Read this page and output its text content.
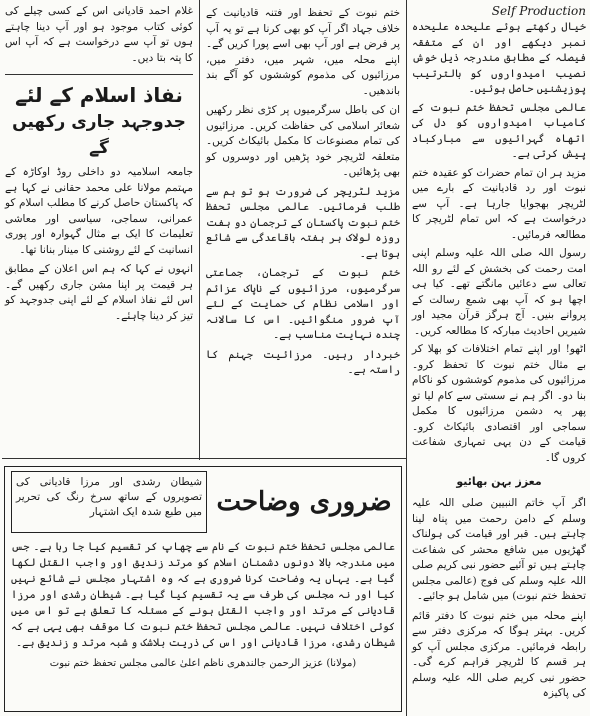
Self Production

خیال رکھتے ہوئے علیحدہ علیحدہ نمبر دیکھے اور ان کے متفقہ فیصلہ کے مطابق مندرجہ ذیل خوش نصیب امیدواروں کو بالترتیب پوزیشنیں حاصل ہوئیں۔

عالمی مجلس تحفظ ختم نبوت کے کامیاب امیدواروں کو دل کی اتھاہ گہرائیوں سے مبارکباد پیش کرتی ہے۔

مزید ہر ان تمام حضرات کو عقیدہ ختم نبوت اور رد قادیانیت کے بارے میں لٹریچر بھجوایا جارہا ہے۔ آپ سے درخواست ہے کہ اس تمام لٹریچر کا مطالعہ فرمائیں۔

رسول اللہ صلی اللہ علیہ وسلم اپنی امت رحمت کی بخشش کے لئے رو اللہ تعالی سے دعائیں مانگتے تھے۔ کیا ہی اچھا ہو کہ آپ بھی شمع رسالت کے پروانے بنیں۔ آج ہرگز قرآن مجید اور شیریں احادیث مبارکہ کا مطالعہ کریں۔

اٹھو! اور اپنے تمام اختلافات کو بھلا کر بے مثال ختم نبوت کا تحفظ کرو۔ مرزائیوں کی مذموم کوششوں کو ناکام بنا دو۔ اگر ہم نے سستی سے کام لیا تو پھر یہ دشمن مرزائیوں کا مکمل سماجی اور اقتصادی بائیکاٹ کرو۔ قیامت کے دن یہی تمہاری شفاعت کروں گا۔

ختم نبوت کے تحفظ اور فتنہ قادیانیت کے خلاف جہاد اگر آپ کو بھی کرنا ہے تو یہ آپ پر فرض ہے اور آپ بھی اسے پورا کریں گے۔ اپنے محلہ میں، شہر میں، دفتر میں، مرزائیوں کی مذموم کوششوں کو آگے بند باندھیں۔

ان کی باطل سرگرمیوں پر کڑی نظر رکھیں شعائر اسلامی کی حفاظت کریں۔ مرزائیوں کی تمام مصنوعات کا مکمل بائیکاٹ کریں۔ متعلقہ لٹریچر خود پڑھیں اور دوسروں کو بھی پڑھائیں۔

مزید لٹریچر کی ضرورت ہو تو ہم سے طلب فرمائیں۔ عالمی مجلس تحفظ ختم نبوت پاکستان کے ترجمان دو ہفت روزہ لولاک ہر ہفتہ باقاعدگی سے شائع ہوتا ہے۔

ختم نبوت کے ترجمان، جماعتی سرگرمیوں، مرزائیوں کے ناپاک عزائم اور اسلامی نظام کی حمایت کے لئے آپ ضرور منگوائیں۔ اس کا سالانہ چندہ نہایت مناسب ہے۔

خبردار رہیں۔ مرزائیت جہنم کا راستہ ہے۔

غلام احمد قادیانی اس کے کسی چیلے کی کوئی کتاب موجود ہو اور آپ دینا چاہتے ہوں تو آپ سے درخواست ہے کہ آپ اس کا پتہ بتا دیں۔

نفاذ اسلام کے لئے
جدوجہد جاری رکھیں گے

جامعہ اسلامیہ دو داخلی روڈ اوکاڑہ کے مہتمم مولانا علی محمد حقانی نے کہا ہے کہ پاکستان حاصل کرنے کا مطلب اسلام کو عمرانی، سماجی، سیاسی اور معاشی تعلیمات کا ایک بے مثال گہوارہ اور پوری انسانیت کے لئے روشنی کا مینار بنانا تھا۔

انہوں نے کہا کہ ہم اس اعلان کے مطابق ہر قیمت پر اپنا مشن جاری رکھیں گے۔ اس لئے نفاذ اسلام کے لئے اپنی جدوجہد کو تیز کر دینا چاہئے۔

ضروری وضاحت

شیطان رشدی اور مرزا قادیانی کی تصویروں کے ساتھ سرخ رنگ کی تحریر میں طبع شدہ ایک اشتہار

عالمی مجلس تحفظ ختم نبوت کے نام سے چھاپ کر تقسیم کیا جا رہا ہے۔ جس میں مندرجہ بالا دونوں دشمنان اسلام کو مرتد زندیق اور واجب القتل لکھا گیا ہے۔ یہاں یہ وضاحت کرنا ضروری ہے کہ وہ اشتہار مجلس نے شائع نہیں کیا اور نہ مجلس کی طرف سے یہ تقسیم کیا گیا ہے۔ شیطان رشدی اور مرزا قادیانی کے مرتد اور واجب القتل ہونے کے مسئلہ کا تعلق ہے تو اس میں کوئی اختلاف نہیں۔ عالمی مجلس تحفظ ختم نبوت کا موقف بھی یہی ہے کہ شیطان رشدی، مرزا قادیانی اور اس کی ذریت بلاشک و شبہ مرتد و زندیق ہے۔

(مولانا) عزیز الرحمن جالندھری ناظم اعلیٰ عالمی مجلس تحفظ ختم نبوت

معزز بہن بھائیو

اگر آپ خاتم النبیین صلی اللہ علیہ وسلم کے دامن رحمت میں پناہ لینا چاہتے ہیں۔ قبر اور قیامت کی ہولناک گھڑیوں میں شافع محشر کی شفاعت چاہتے ہیں تو آئیے حضور نبی کریم صلی اللہ علیہ وسلم کی فوج (عالمی مجلس تحفظ ختم نبوت) میں شامل ہو جائیے۔

اپنے محلہ میں ختم نبوت کا دفتر قائم کریں۔ بہتر ہوگا کہ مرکزی دفتر سے رابطہ فرمائیں۔ مرکزی مجلس آپ کو ہر قسم کا لٹریچر فراہم کرے گی۔ حضور نبی کریم صلی اللہ علیہ وسلم کی پاکیزہ
